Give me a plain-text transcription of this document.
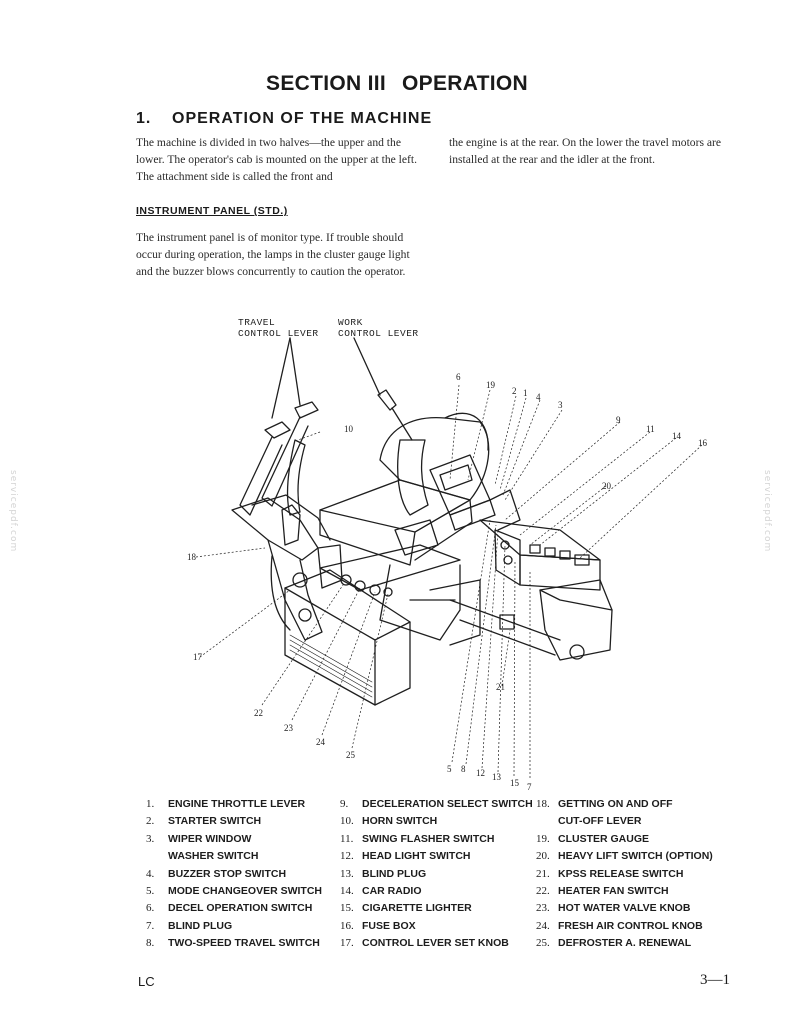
SECTION III OPERATION
1. OPERATION OF THE MACHINE
The machine is divided in two halves—the upper and the lower. The operator's cab is mounted on the upper at the left. The attachment side is called the front and
the engine is at the rear. On the lower the travel motors are installed at the rear and the idler at the front.
INSTRUMENT PANEL (STD.)
The instrument panel is of monitor type. If trouble should occur during operation, the lamps in the cluster gauge light and the buzzer blows concurrently to caution the operator.
TRAVEL
CONTROL LEVER
WORK
CONTROL LEVER
6
19
2 1 4
3
9
11
14
16
20
10
18
17
22
23
24
25
21
5 8 12 13
15 7
1. ENGINE THROTTLE LEVER
2. STARTER SWITCH
3. WIPER WINDOW
WASHER SWITCH
4. BUZZER STOP SWITCH
5. MODE CHANGEOVER SWITCH
6. DECEL OPERATION SWITCH
7. BLIND PLUG
8. TWO-SPEED TRAVEL SWITCH
9. DECELERATION SELECT SWITCH
10. HORN SWITCH
11. SWING FLASHER SWITCH
12. HEAD LIGHT SWITCH
13. BLIND PLUG
14. CAR RADIO
15. CIGARETTE LIGHTER
16. FUSE BOX
17. CONTROL LEVER SET KNOB
18. GETTING ON AND OFF
CUT-OFF LEVER
19. CLUSTER GAUGE
20. HEAVY LIFT SWITCH (OPTION)
21. KPSS RELEASE SWITCH
22. HEATER FAN SWITCH
23. HOT WATER VALVE KNOB
24. FRESH AIR CONTROL KNOB
25. DEFROSTER A. RENEWAL
LC	3—1
servicepdf.com	servicepdf.com
